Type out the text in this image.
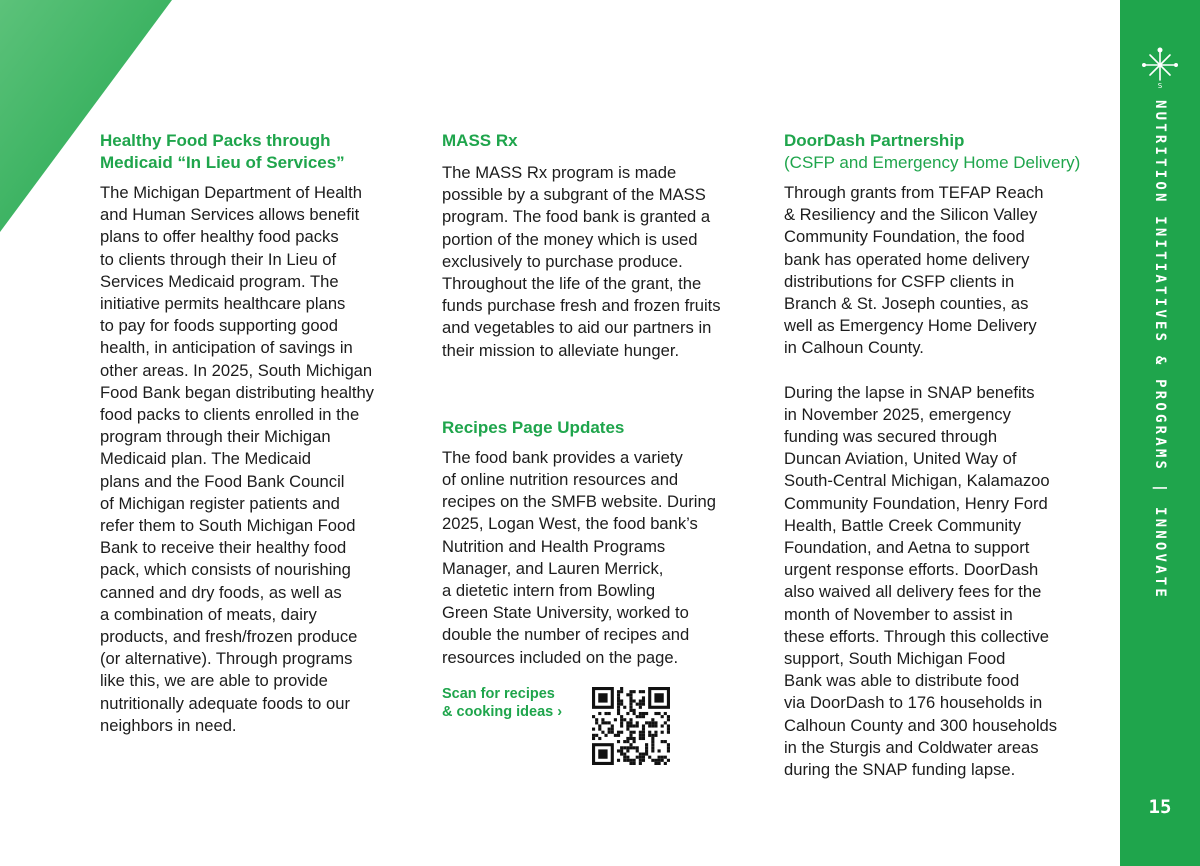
Healthy Food Packs through
Medicaid “In Lieu of Services”

The Michigan Department of Health
and Human Services allows benefit
plans to offer healthy food packs
to clients through their In Lieu of
Services Medicaid program. The
initiative permits healthcare plans
to pay for foods supporting good
health, in anticipation of savings in
other areas. In 2025, South Michigan
Food Bank began distributing healthy
food packs to clients enrolled in the
program through their Michigan
Medicaid plan. The Medicaid
plans and the Food Bank Council
of Michigan register patients and
refer them to South Michigan Food
Bank to receive their healthy food
pack, which consists of nourishing
canned and dry foods, as well as
a combination of meats, dairy
products, and fresh/frozen produce
(or alternative). Through programs
like this, we are able to provide
nutritionally adequate foods to our
neighbors in need.

MASS Rx

The MASS Rx program is made
possible by a subgrant of the MASS
program. The food bank is granted a
portion of the money which is used
exclusively to purchase produce.
Throughout the life of the grant, the
funds purchase fresh and frozen fruits
and vegetables to aid our partners in
their mission to alleviate hunger.

Recipes Page Updates

The food bank provides a variety
of online nutrition resources and
recipes on the SMFB website. During
2025, Logan West, the food bank’s
Nutrition and Health Programs
Manager, and Lauren Merrick,
a dietetic intern from Bowling
Green State University, worked to
double the number of recipes and
resources included on the page.

Scan for recipes
& cooking ideas ›

DoorDash Partnership

(CSFP and Emergency Home Delivery)

Through grants from TEFAP Reach
& Resiliency and the Silicon Valley
Community Foundation, the food
bank has operated home delivery
distributions for CSFP clients in
Branch & St. Joseph counties, as
well as Emergency Home Delivery
in Calhoun County.

During the lapse in SNAP benefits
in November 2025, emergency
funding was secured through
Duncan Aviation, United Way of
South-Central Michigan, Kalamazoo
Community Foundation, Henry Ford
Health, Battle Creek Community
Foundation, and Aetna to support
urgent response efforts. DoorDash
also waived all delivery fees for the
month of November to assist in
these efforts. Through this collective
support, South Michigan Food
Bank was able to distribute food
via DoorDash to 176 households in
Calhoun County and 300 households
in the Sturgis and Coldwater areas
during the SNAP funding lapse.

S
NUTRITION INITIATIVES & PROGRAMS | INNOVATE
15
